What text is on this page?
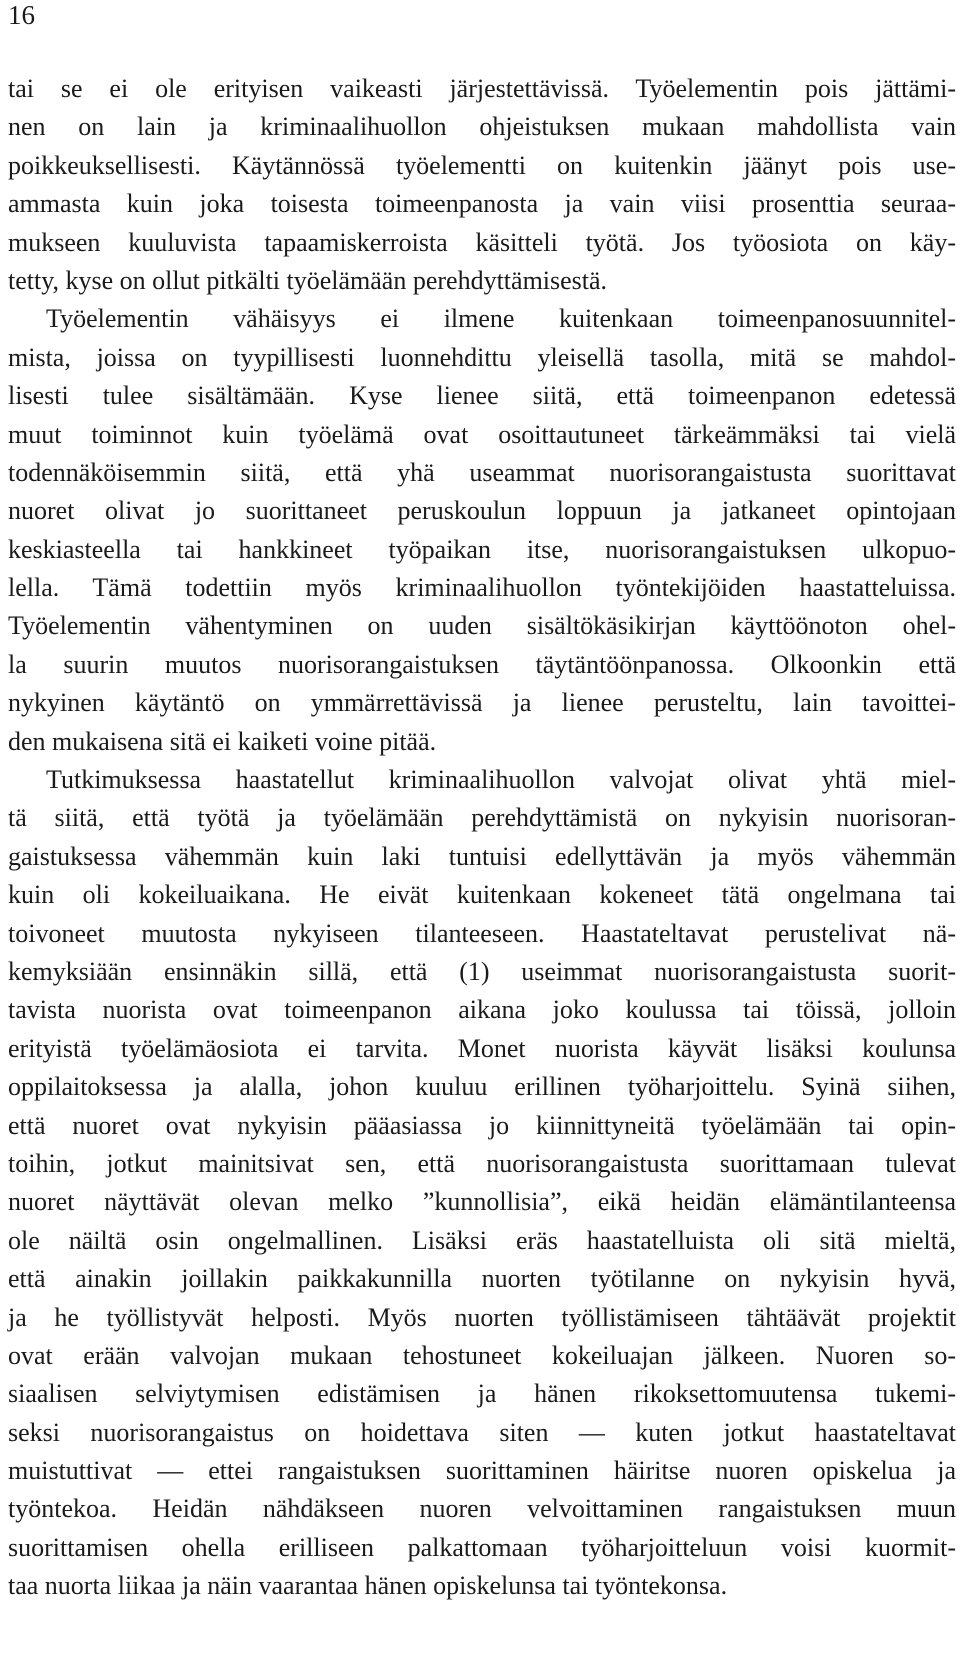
16
tai se ei ole erityisen vaikeasti järjestettävissä. Työelementin pois jättämi-
nen on lain ja kriminaalihuollon ohjeistuksen mukaan mahdollista vain
poikkeuksellisesti. Käytännössä työelementti on kuitenkin jäänyt pois use-
ammasta kuin joka toisesta toimeenpanosta ja vain viisi prosenttia seuraa-
mukseen kuuluvista tapaamiskerroista käsitteli työtä. Jos työosiota on käy-
tetty, kyse on ollut pitkälti työelämään perehdyttämisestä.
Työelementin vähäisyys ei ilmene kuitenkaan toimeenpanosuunnitel-
mista, joissa on tyypillisesti luonnehdittu yleisellä tasolla, mitä se mahdol-
lisesti tulee sisältämään. Kyse lienee siitä, että toimeenpanon edetessä
muut toiminnot kuin työelämä ovat osoittautuneet tärkeämmäksi tai vielä
todennäköisemmin siitä, että yhä useammat nuorisorangaistusta suorittavat
nuoret olivat jo suorittaneet peruskoulun loppuun ja jatkaneet opintojaan
keskiasteella tai hankkineet työpaikan itse, nuorisorangaistuksen ulkopuo-
lella. Tämä todettiin myös kriminaalihuollon työntekijöiden haastatteluissa.
Työelementin vähentyminen on uuden sisältökäsikirjan käyttöönoton ohel-
la suurin muutos nuorisorangaistuksen täytäntöönpanossa. Olkoonkin että
nykyinen käytäntö on ymmärrettävissä ja lienee perusteltu, lain tavoittei-
den mukaisena sitä ei kaiketi voine pitää.
Tutkimuksessa haastatellut kriminaalihuollon valvojat olivat yhtä miel-
tä siitä, että työtä ja työelämään perehdyttämistä on nykyisin nuorisoran-
gaistuksessa vähemmän kuin laki tuntuisi edellyttävän ja myös vähemmän
kuin oli kokeiluaikana. He eivät kuitenkaan kokeneet tätä ongelmana tai
toivoneet muutosta nykyiseen tilanteeseen. Haastateltavat perustelivat nä-
kemyksiään ensinnäkin sillä, että (1) useimmat nuorisorangaistusta suorit-
tavista nuorista ovat toimeenpanon aikana joko koulussa tai töissä, jolloin
erityistä työelämäosiota ei tarvita. Monet nuorista käyvät lisäksi koulunsa
oppilaitoksessa ja alalla, johon kuuluu erillinen työharjoittelu. Syinä siihen,
että nuoret ovat nykyisin pääasiassa jo kiinnittyneitä työelämään tai opin-
toihin, jotkut mainitsivat sen, että nuorisorangaistusta suorittamaan tulevat
nuoret näyttävät olevan melko ”kunnollisia”, eikä heidän elämäntilanteensa
ole näiltä osin ongelmallinen. Lisäksi eräs haastatelluista oli sitä mieltä,
että ainakin joillakin paikkakunnilla nuorten työtilanne on nykyisin hyvä,
ja he työllistyvät helposti. Myös nuorten työllistämiseen tähtäävät projektit
ovat erään valvojan mukaan tehostuneet kokeiluajan jälkeen. Nuoren so-
siaalisen selviytymisen edistämisen ja hänen rikoksettomuutensa tukemi-
seksi nuorisorangaistus on hoidettava siten — kuten jotkut haastateltavat
muistuttivat — ettei rangaistuksen suorittaminen häiritse nuoren opiskelua ja
työntekoa. Heidän nähdäkseen nuoren velvoittaminen rangaistuksen muun
suorittamisen ohella erilliseen palkattomaan työharjoitteluun voisi kuormit-
taa nuorta liikaa ja näin vaarantaa hänen opiskelunsa tai työntekonsa.
